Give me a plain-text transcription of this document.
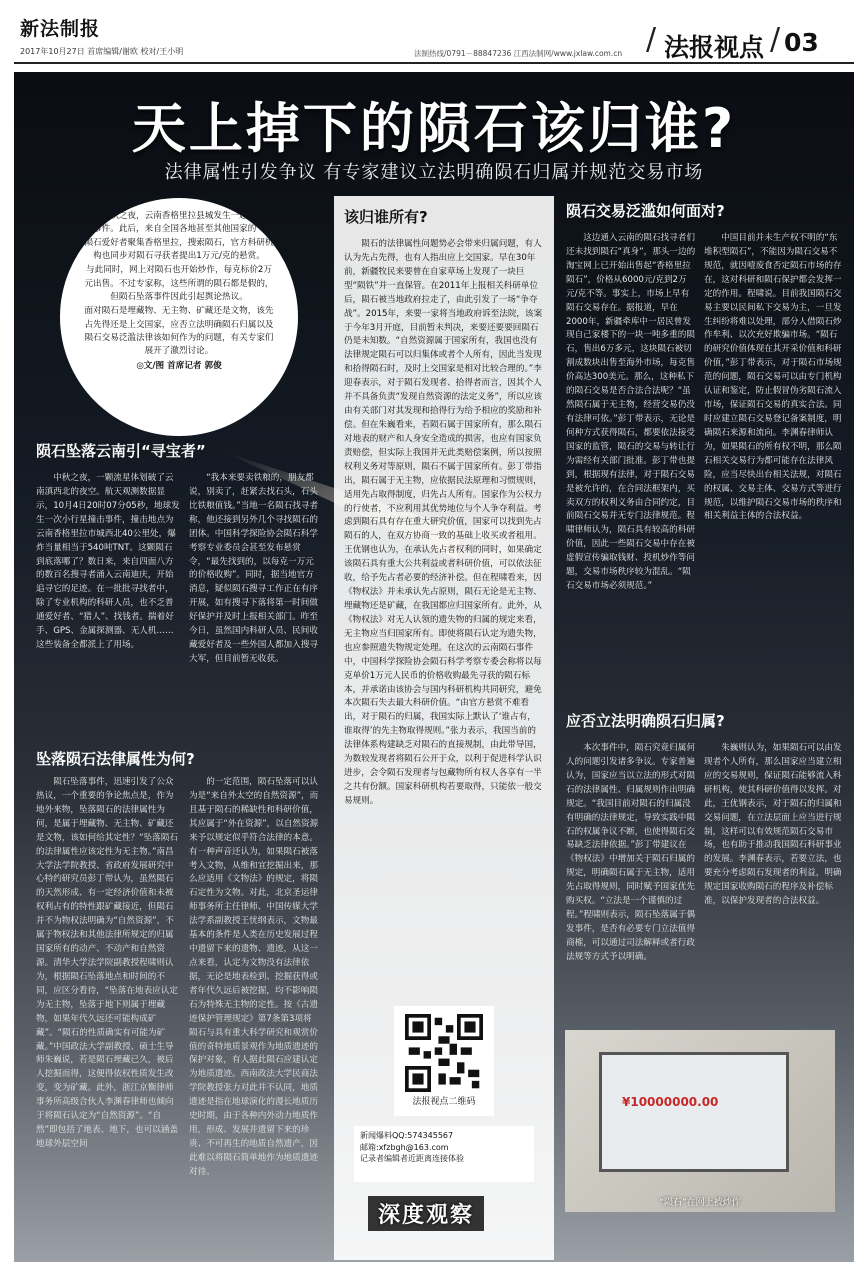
新法制报
2017年10月27日 首席编辑/谢欧 校对/王小明	法制热线/0791－88847236 江西法制网/www.jxlaw.com.cn / 法报视点 / 03
天上掉下的陨石该归谁?
法律属性引发争议 有专家建议立法明确陨石归属并规范交易市场

今年中秋之夜，云南香格里拉县城发生一起陨石坠落事件。此后，来自全国各地甚至其他国家的一些陨石爱好者聚集香格里拉，搜索陨石，官方科研机构也同步对陨石寻获者提出1万元/克的悬赏。

与此同时，网上对陨石也开始炒作，每克标价2万元出售。不过专家称，这些所谓的陨石都是假的，但陨石坠落事件因此引起舆论热议。

面对陨石是埋藏物、无主物、矿藏还是文物，该先占先得还是上交国家，应否立法明确陨石归属以及陨石交易泛滥法律该如何作为的问题，有关专家们展开了激烈讨论。

◎文/图 首席记者 郭俊

陨石坠落云南引“寻宝者”
中秋之夜，一颗流星体划破了云南滇西北的夜空。航天观测数据显示，10月4日20时07分05秒，地球发生一次小行星撞击事件，撞击地点为云南香格里拉市城西北40公里处，爆炸当量相当于540吨TNT。这颗陨石到底落哪了？数日来，来自四面八方的数百名搜寻者涌入云南迪庆，开始追寻它的足迹。在一批批寻找者中，除了专业机构的科研人员，也不乏普通爱好者、“猎人”、找钱者。揣着好手、GPS、金属探测器、无人机……这些装备全都派上了用场。
“我本来要卖铁粮的，朋友都说，别卖了，赶紧去找石头，石头比铁粮值钱。”当地一名陨石找寻者称，他还接到另外几个寻找陨石的团体。中国科学探险协会陨石科学考察专业委员会甚至发布悬赏令，“最先找到的，以每克一万元的价格收购”。同时，据当地官方消息，疑似陨石搜寻工作正在有序开展，如有搜寻下落将第一时间做好保护并及时上报相关部门。昨至今日，虽然国内科研人员、民间收藏爱好者及一些外国人都加入搜寻大军，但目前暂无收获。
坠落陨石法律属性为何?
陨石坠落事件，迅速引发了公众热议，一个重要的争论焦点是，作为地外来物，坠落陨石的法律属性为何，是属于埋藏物、无主物、矿藏还是文物，该如何给其定性？“坠落陨石的法律属性应该定性为无主物。”南昌大学法学院教授、省政府发展研究中心特约研究员彭丁带认为，虽然陨石的天然形成、有一定经济价值和未被权利占有的特性跟矿藏接近，但陨石并不为物权法明确为“自然资源”，不属于物权法和其他法律所规定的归属国家所有的动产、不动产和自然资源。清华大学法学院副教授程啸则认为，根据陨石坠落地点和时间的不同，应区分看待，“坠落在地表应认定为无主物，坠落于地下则属于埋藏物，如果年代久远还可能构成矿藏”。“陨石的性质确实有可能为矿藏。”中国政法大学副教授、硕士生导师朱巍说，若是陨石埋藏已久，被后人挖掘而得，这便得依权性质发生改变，变为矿藏。此外，浙江京衡律师事务所高级合伙人李渊春律师也倾向于将陨石认定为“自然资源”。“自然”即包括了地表、地下，也可以涵盖地球外层空间
的一定范围，陨石坠落可以认为是“来自外太空的自然资源”，而且基于陨石的稀缺性和科研价值，其应属于“外在资源”，以自然资源来予以规定似乎符合法律的本意。有一种声音还认为，如果陨石被落考入文物，从维和宜挖掘出来，那么应适用《文物法》的规定，将陨石定性为文物。对此，北京圣运律师事务所主任律师、中国传媒大学法学系副教授王忧纲表示，文物最基本的条件是人类在历史发展过程中遗留下来的遗物、遗迹，从这一点来看，认定为文物没有法律依据，无论是地表检到、挖掘获得或者年代久远后被挖掘，均不影响陨石为特殊无主物的定性。按《古遗迹保护管理规定》第7条第3项将陨石与具有重大科学研究和观赏价值的奇特地质景观作为地质遗迹的保护对象，有人据此陨石应建认定为地质遗迹。西南政法大学民商法学院教授张力对此并不认同，地质遗迹是指在地球演化的漫长地质历史时期，由于各种内外动力地质作用，形成、发展并遗留下来的珍贵、不可再生的地质自然遗产，因此难以将陨石简单地作为地质遗迹对待。
该归谁所有?
陨石的法律属性问题势必会带来归属问题，有人认为先占先得，也有人指出应上交国家。早在30年前，新疆牧民来要曾在自家草场上发现了一块巨型“陨铁”并一直保管。在2011年上报相关科研单位后，陨石被当地政府拉走了，由此引发了一场“争夺战”。2015年，来要一家将当地政府诉至法院，该案于今年3月开庭，目前暂未判决，来要还要要回陨石仍是未知数。“自然资源属于国家所有，我国也没有法律规定陨石可以归集体或者个人所有，因此当发现和拾得陨石时，及时上交国家是相对比较合理的。”李迎春表示，对于陨石发现者、拾得者而言，因其个人并不具备负责“发现自然资源的法定义务”，所以应该由有关部门对其发现和拾得行为给予相应的奖励和补偿。但在朱巍看来，若陨石属于国家所有，那么陨石对地表的财产和人身安全造成的损害，也应有国家负责赔偿，但实际上我国并无此类赔偿案例，所以按照权利义务对等原则，陨石不属于国家所有。彭丁带指出，陨石属于无主物，应依据民法原理和习惯规则，适用先占取得制度，归先占人所有。国家作为公权力的行使者，不应利用其优势地位与个人争夺利益。考虑到陨石具有存在重大研究价值，国家可以找到先占陨石的人，在双方协商一致的基础上收买或者租用。王优钢也认为，在承认先占者权利的同时，如果确定该陨石具有重大公共利益或者科研价值，可以依法征收，给予先占者必要的经济补偿。但在程啸看来，因《物权法》并未承认先占原则，陨石无论是无主物、埋藏物还是矿藏，在我国都应归国家所有。此外，从《物权法》对无人认领的遗失物的归属的规定来看，无主物应当归国家所有。即使将陨石认定为遗失物，也应参照遗失物规定处理。在这次的云南陨石事件中，中国科学探险协会陨石科学考察专委会称将以每克单价1万元人民币的价格收购最先寻获的陨石标本，并承诺由该协会与国内科研机构共同研究，避免本次陨石失去最大科研价值。“由官方悬赏不难看出，对于陨石的归属，我国实际上默认了‘谁占有，谁取得’的先主物取得规则。”张力表示，我国当前的法律体系构建缺乏对陨石的直接规制，由此带导国，为数较发现者将陨石公开于众，以利于促进科学认识进步，会令陨石发现者与包藏物所有权人各享有一半之共有份额。国家科研机构若要取得，只能依一般交易规则。
法报视点二维码
新闻爆料QQ:574345567
邮箱:xfzbgh@163.com
记录者编辑者近距离连接体验
深度观察
陨石交易泛滥如何面对?
这边通入云南的陨石找寻者们还未找到陨石“真身”，那头一边的淘宝网上已开始出售起“香格里拉陨石”，价格从6000元/克到2万元/克不等。事实上，市场上早有陨石交易存在。据报道，早在2000年，新疆牵库中一居民曾发现自己家楼下的一块一吨多重的陨石，售出6万多元，这块陨石被切割成数块出售至海外市场，每克售价高达300美元。那么，这种私下的陨石交易是否合法合法呢？“虽然陨石属于无主物，经营交易仍没有法律可依。”彭丁带表示，无论是何种方式获得陨石，都要依法接受国家的监管，陨石的交易与转让行为需经有关部门批准。彭丁带也提到，根据现有法律，对于陨石交易是被允许的，在合同法框架内，买卖双方的权利义务由合同约定，目前陨石交易并无专门法律规范。程啸律师认为，陨石具有较高的科研价值，因此一些陨石交易中存在被虚假宣传骗取钱财、投机炒作等问题，交易市场秩序较为混乱。“陨石交易市场必须规范。”
中国目前并未生产权不明的“东堆积型陨石”，不能因为陨石交易不规范，就因噎废食否定陨石市场的存在，这对科研和陨石保护都会发挥一定的作用。程啸说。目前我国陨石交易主要以民间私下交易为主，一旦发生纠纷将难以处理，部分人借陨石炒作牟利、以次充好欺骗市场。“陨石的研究价值体现在其开采价值和科研价值，”彭丁带表示，对于陨石市场规范的问题，陨石交易可以由专门机构认证和鉴定，防止假冒伪劣陨石流入市场，保证陨石交易的真实合法。同时应建立陨石交易登记备案制度，明确陨石来源和流向。李渊春律师认为，如果陨石的所有权不明，那么陨石相关交易行为都可能存在法律风险，应当尽快出台相关法规，对陨石的权属、交易主体、交易方式等进行规范，以维护陨石交易市场的秩序和相关利益主体的合法权益。
应否立法明确陨石归属?
本次事件中，陨石究竟归属何人的问题引发诸多争议。专家普遍认为，国家应当以立法的形式对陨石的法律属性、归属规则作出明确规定。“我国目前对陨石的归属没有明确的法律规定，导致实践中陨石的权属争议不断，也使得陨石交易缺乏法律依据。”彭丁带建议在《物权法》中增加关于陨石归属的规定，明确陨石属于无主物，适用先占取得规则，同时赋予国家优先购买权。“立法是一个谨慎的过程。”程啸则表示，陨石坠落属于偶发事件，是否有必要专门立法值得商榷，可以通过司法解释或者行政法规等方式予以明确。
朱巍则认为，如果陨石可以由发现者个人所有，那么国家应当建立相应的交易规则，保证陨石能够流入科研机构，使其科研价值得以发挥。对此，王优钢表示，对于陨石的归属和交易问题，在立法层面上应当进行规制，这样可以有效规范陨石交易市场，也有助于推动我国陨石科研事业的发展。李渊春表示，若要立法，也要充分考虑陨石发现者的利益，明确规定国家收购陨石的程序及补偿标准，以保护发现者的合法权益。
¥10000000.00
“陨石”在网上被炒作
